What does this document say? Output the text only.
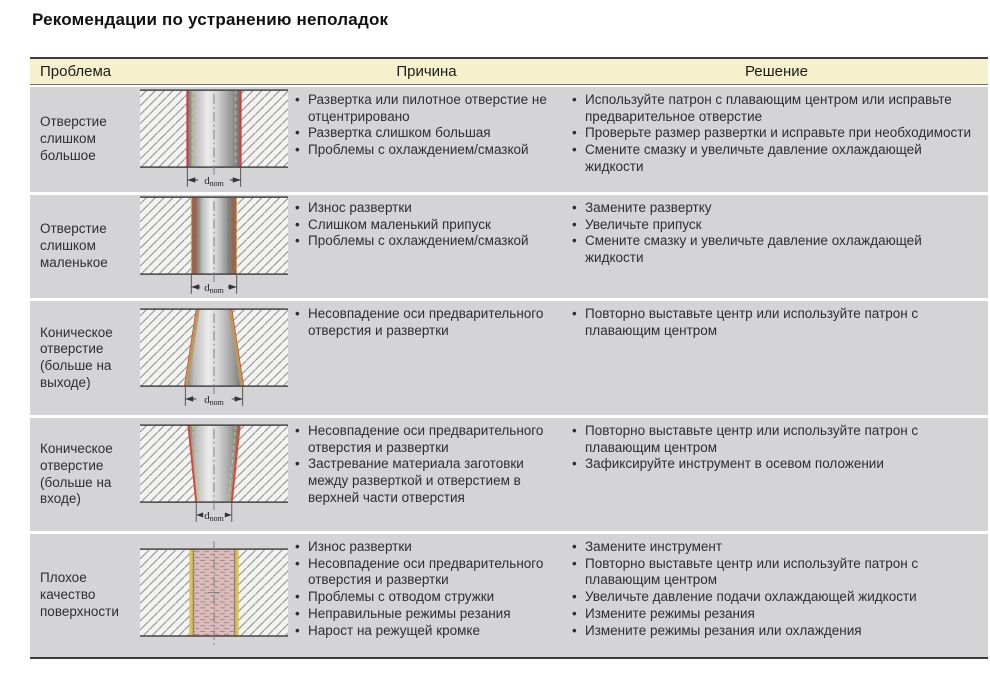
Рекомендации по устранению неполадок
Проблема	Причина	Решение
Отверстие слишком большое
dnom
• Развертка или пилотное отверстие не отцентрировано
• Развертка слишком большая
• Проблемы с охлаждением/смазкой
• Используйте патрон с плавающим центром или исправьте предварительное отверстие
• Проверьте размер развертки и исправьте при необходимости
• Смените смазку и увеличьте давление охлаждающей жидкости
Отверстие слишком маленькое
dnom
• Износ развертки
• Слишком маленький припуск
• Проблемы с охлаждением/смазкой
• Замените развертку
• Увеличьте припуск
• Смените смазку и увеличьте давление охлаждающей жидкости
Коническое отверстие (больше на выходе)
dnom
• Несовпадение оси предварительного отверстия и развертки
• Повторно выставьте центр или используйте патрон с плавающим центром
Коническое отверстие (больше на входе)
dnom
• Несовпадение оси предварительного отверстия и развертки
• Застревание материала заготовки между разверткой и отверстием в верхней части отверстия
• Повторно выставьте центр или используйте патрон с плавающим центром
• Зафиксируйте инструмент в осевом положении
Плохое качество поверхности
• Износ развертки
• Несовпадение оси предварительного отверстия и развертки
• Проблемы с отводом стружки
• Неправильные режимы резания
• Нарост на режущей кромке
• Замените инструмент
• Повторно выставьте центр или используйте патрон с плавающим центром
• Увеличьте давление подачи охлаждающей жидкости
• Измените режимы резания
• Измените режимы резания или охлаждения
